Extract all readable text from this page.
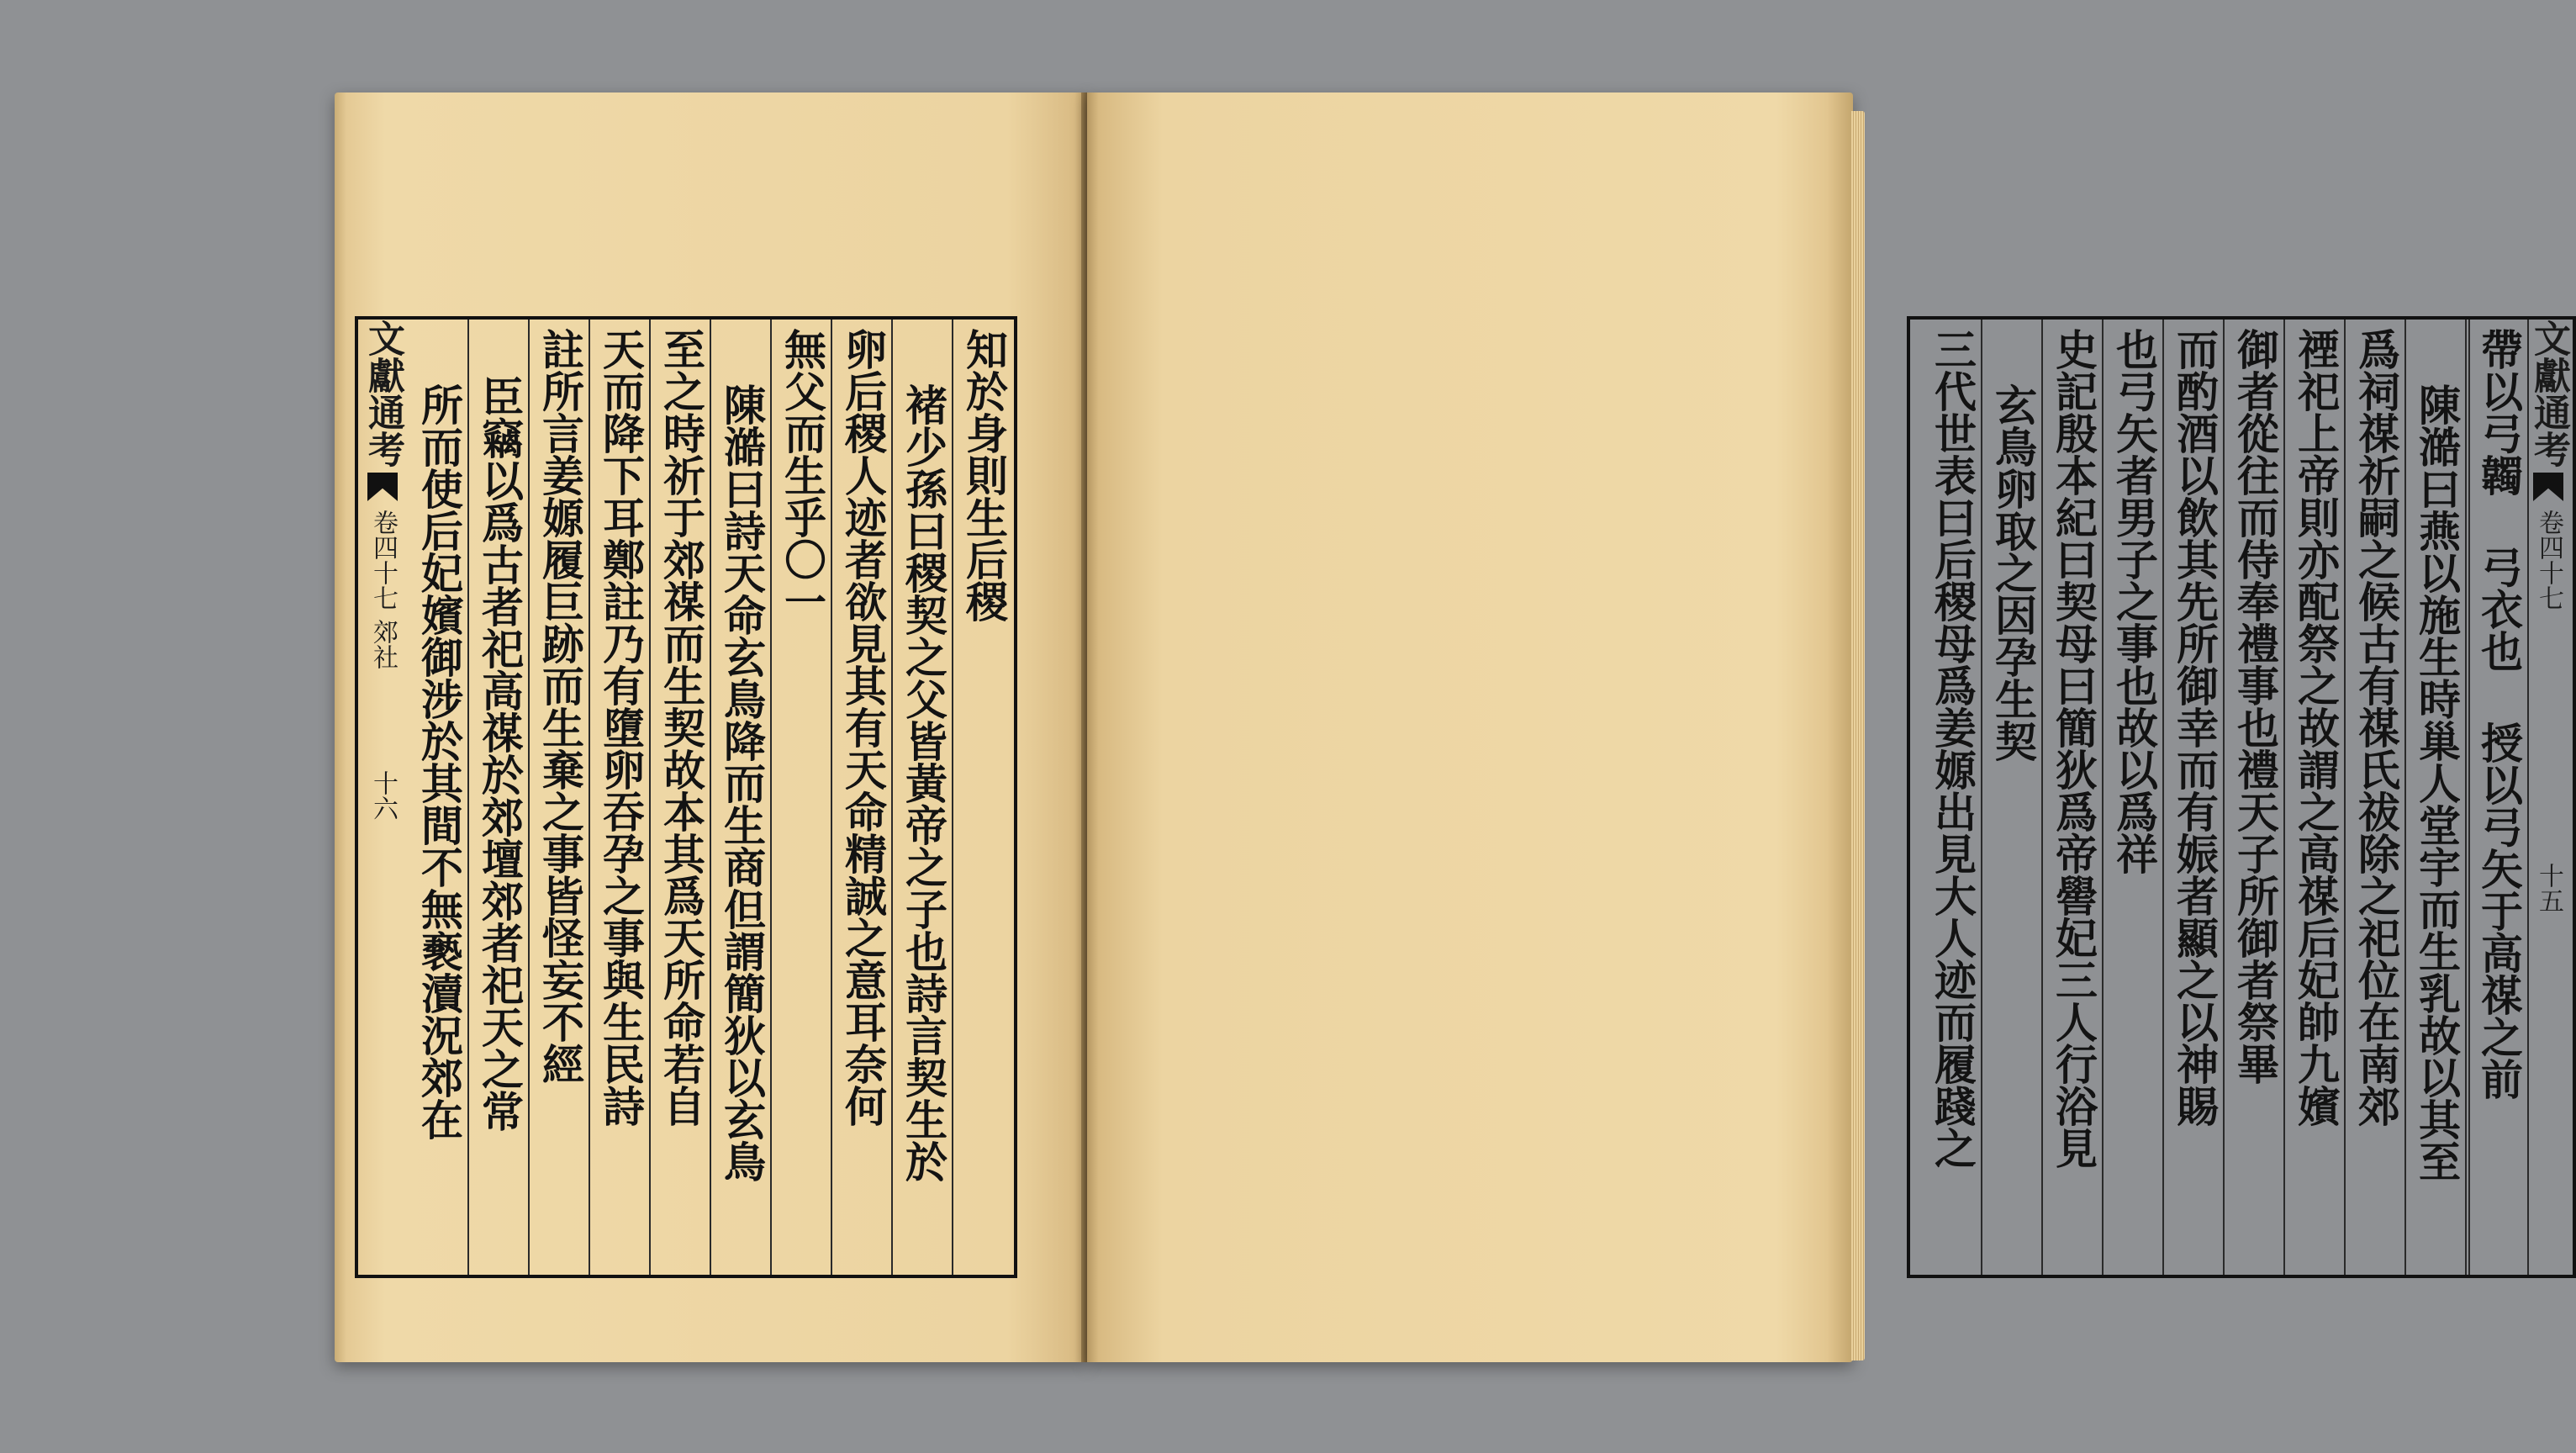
知於身則生后稷
褚少孫曰稷契之父皆黃帝之子也詩言契生於
卵后稷人迹者欲見其有天命精誠之意耳奈何
無父而生乎〇一
陳澔曰詩天命玄鳥降而生商但謂簡狄以玄鳥
至之時祈于郊禖而生契故本其爲天所命若自
天而降下耳鄭註乃有墮卵吞孕之事與生民詩
註所言姜嫄履巨跡而生棄之事皆怪妄不經
臣竊以爲古者祀高禖於郊壇郊者祀天之常
所而使后妃嬪御涉於其間不無褻瀆況郊在
文獻通考
卷四十七
郊社
十六
文獻通考
卷四十七
十五
帶以弓韣 弓衣也 授以弓矢于高禖之前
陳澔曰燕以施生時巢人堂宇而生乳故以其至
爲祠禖祈嗣之候古有禖氏祓除之祀位在南郊
禋祀上帝則亦配祭之故謂之高禖后妃帥九嬪
御者從往而侍奉禮事也禮天子所御者祭畢
而酌酒以飲其先所御幸而有娠者顯之以神賜
也弓矢者男子之事也故以爲祥
史記殷本紀曰契母曰簡狄爲帝嚳妃三人行浴見
玄鳥卵取之因孕生契
三代世表曰后稷母爲姜嫄出見大人迹而履踐之
